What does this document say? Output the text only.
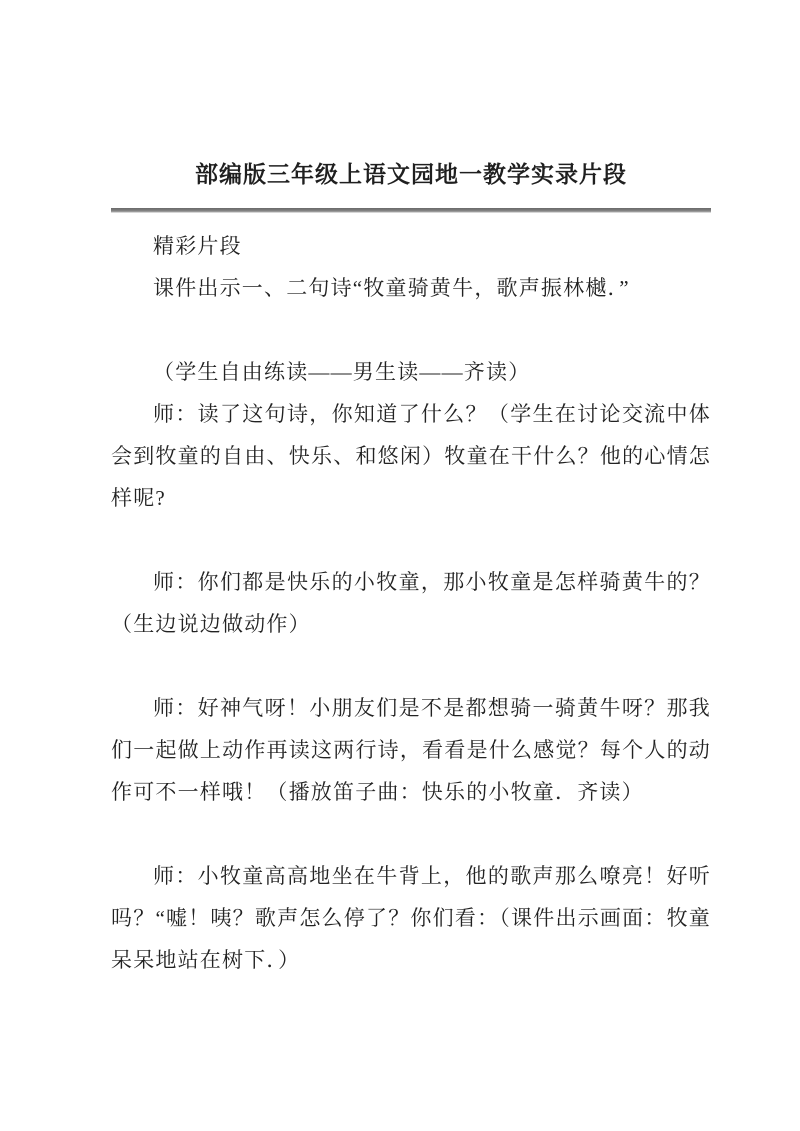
部编版三年级上语文园地一教学实录片段

精彩片段

课件出示一、二句诗“牧童骑黄牛，歌声振林樾．”

（学生自由练读——男生读——齐读）

师：读了这句诗，你知道了什么？（学生在讨论交流中体会到牧童的自由、快乐、和悠闲）牧童在干什么？他的心情怎样呢?

师：你们都是快乐的小牧童，那小牧童是怎样骑黄牛的？（生边说边做动作）

师：好神气呀！小朋友们是不是都想骑一骑黄牛呀？那我们一起做上动作再读这两行诗，看看是什么感觉？每个人的动作可不一样哦！（播放笛子曲：快乐的小牧童．齐读）

师：小牧童高高地坐在牛背上，他的歌声那么嘹亮！好听吗？“嘘！咦？歌声怎么停了？你们看：（课件出示画面：牧童呆呆地站在树下．）
